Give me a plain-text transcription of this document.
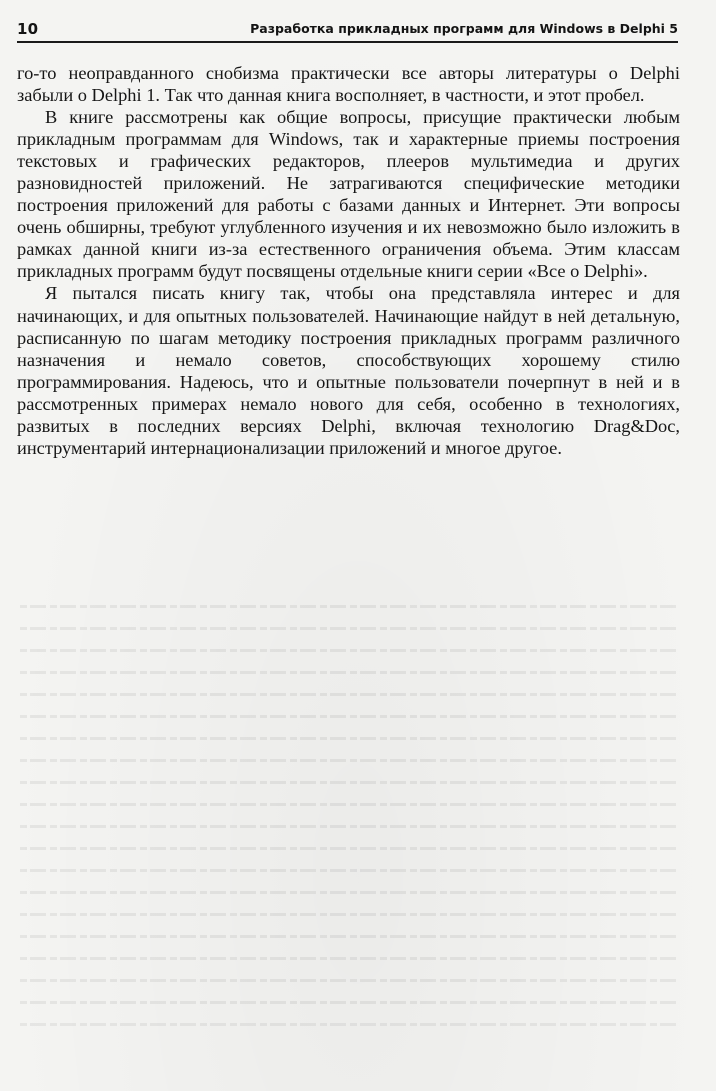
10	Разработка прикладных программ для Windows в Delphi 5

го-то неоправданного снобизма практически все авторы литературы о Delphi забыли о Delphi 1. Так что данная книга восполняет, в частности, и этот пробел.

В книге рассмотрены как общие вопросы, присущие практически любым прикладным программам для Windows, так и характерные приемы построения текстовых и графических редакторов, плееров мультимедиа и других разновидностей приложений. Не затрагиваются специфические методики построения приложений для работы с базами данных и Интернет. Эти вопросы очень обширны, требуют углубленного изучения и их невозможно было изложить в рамках данной книги из-за естественного ограничения объема. Этим классам прикладных программ будут посвящены отдельные книги серии «Все о Delphi».

Я пытался писать книгу так, чтобы она представляла интерес и для начинающих, и для опытных пользователей. Начинающие найдут в ней детальную, расписанную по шагам методику построения прикладных программ различного назначения и немало советов, способствующих хорошему стилю программирования. Надеюсь, что и опытные пользователи почерпнут в ней и в рассмотренных примерах немало нового для себя, особенно в технологиях, развитых в последних версиях Delphi, включая технологию Drag&Doc, инструментарий интернационализации приложений и многое другое.
